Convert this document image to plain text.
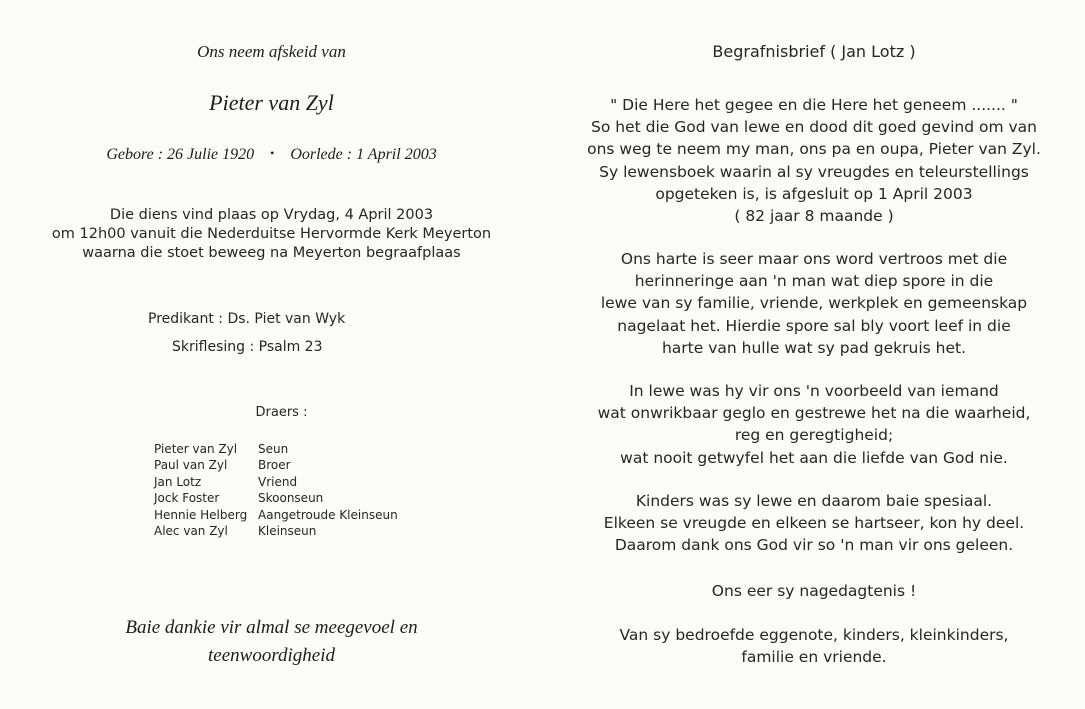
Ons neem afskeid van
Pieter van Zyl
Gebore : 26 Julie 1920 • Oorlede : 1 April 2003
Die diens vind plaas op Vrydag, 4 April 2003
om 12h00 vanuit die Nederduitse Hervormde Kerk Meyerton
waarna die stoet beweeg na Meyerton begraafplaas
Predikant : Ds. Piet van Wyk
Skriflesing : Psalm 23
Draers :
Pieter van Zyl	Seun
Paul van Zyl	Broer
Jan Lotz	Vriend
Jock Foster	Skoonseun
Hennie Helberg	Aangetroude Kleinseun
Alec van Zyl	Kleinseun
Baie dankie vir almal se meegevoel en
teenwoordigheid
Begrafnisbrief ( Jan Lotz )
" Die Here het gegee en die Here het geneem ....... "
So het die God van lewe en dood dit goed gevind om van
ons weg te neem my man, ons pa en oupa, Pieter van Zyl.
Sy lewensboek waarin al sy vreugdes en teleurstellings
opgeteken is, is afgesluit op 1 April 2003
( 82 jaar 8 maande )
Ons harte is seer maar ons word vertroos met die
herinneringe aan 'n man wat diep spore in die
lewe van sy familie, vriende, werkplek en gemeenskap
nagelaat het. Hierdie spore sal bly voort leef in die
harte van hulle wat sy pad gekruis het.
In lewe was hy vir ons 'n voorbeeld van iemand
wat onwrikbaar geglo en gestrewe het na die waarheid,
reg en geregtigheid;
wat nooit getwyfel het aan die liefde van God nie.
Kinders was sy lewe en daarom baie spesiaal.
Elkeen se vreugde en elkeen se hartseer, kon hy deel.
Daarom dank ons God vir so 'n man vir ons geleen.
Ons eer sy nagedagtenis !
Van sy bedroefde eggenote, kinders, kleinkinders,
familie en vriende.
